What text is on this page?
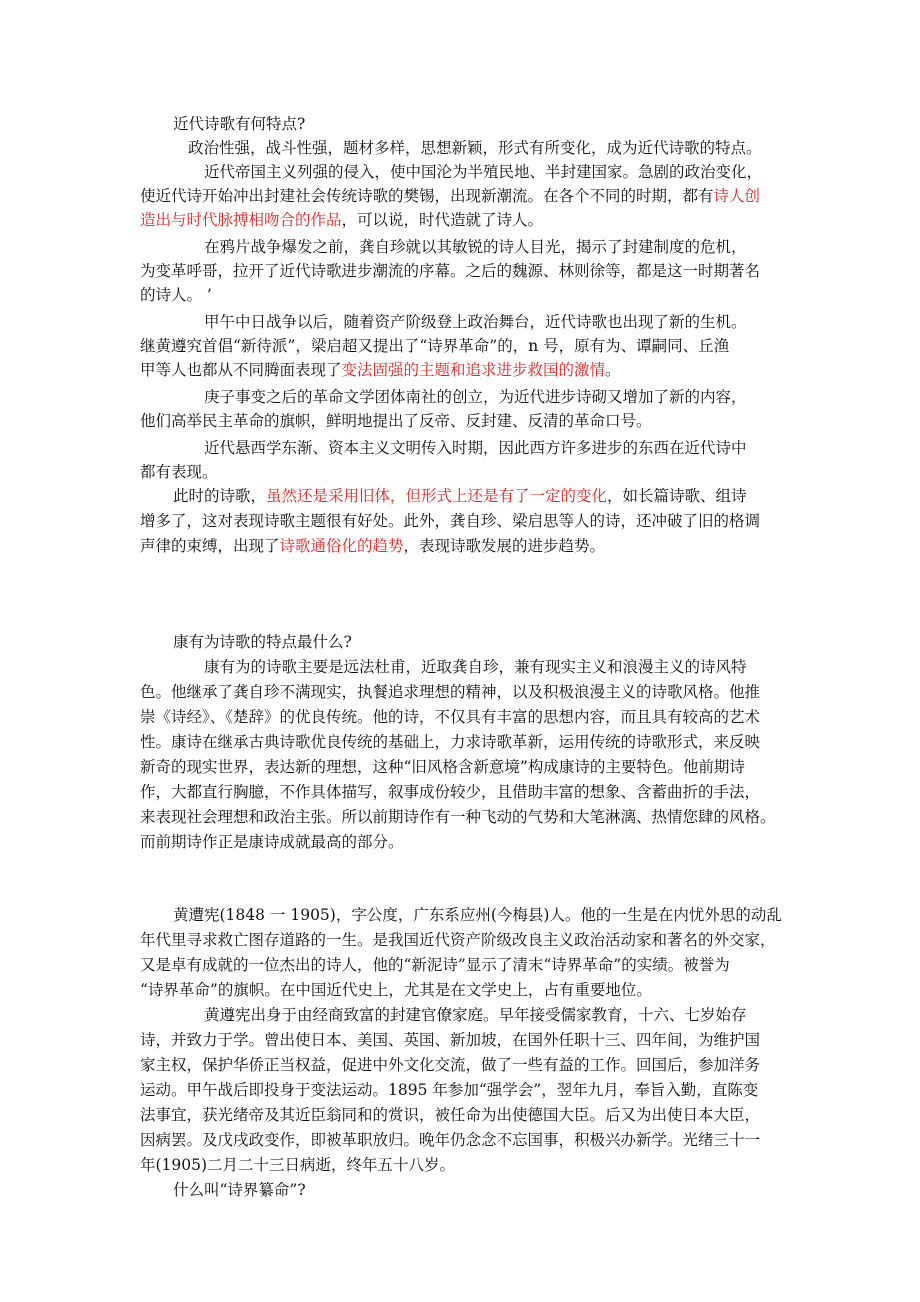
近代诗歌有何特点?
政治性强，战斗性强，题材多样，思想新颖，形式有所变化，成为近代诗歌的特点。
近代帝国主义列强的侵入，使中国沦为半殖民地、半封建国家。急剧的政治变化，
使近代诗开始冲出封建社会传统诗歌的樊锡，出现新潮流。在各个不同的时期，都有诗人创
造出与时代脉搏相吻合的作品，可以说，时代造就了诗人。
在鸦片战争爆发之前，龚自珍就以其敏锐的诗人目光，揭示了封建制度的危机，
为变革呼哥，拉开了近代诗歌进步潮流的序幕。之后的魏源、林则徐等，都是这一时期著名
的诗人。 ’
甲午中日战争以后，随着资产阶级登上政治舞台，近代诗歌也出现了新的生机。
继黄遵究首倡“新待派”，梁启超又提出了“诗界革命”的，n 号，原有为、谭嗣同、丘渔
甲等人也都从不同腾面表现了变法固强的主题和追求进步救国的激情。
庚子事变之后的革命文学团体南社的创立，为近代进步诗砌又增加了新的内容，
他们高举民主革命的旗帜，鲜明地提出了反帝、反封建、反清的革命口号。
近代悬西学东渐、资本主义文明传入时期，因此西方许多进步的东西在近代诗中
都有表现。
此时的诗歌，虽然还是采用旧体，但形式上还是有了一定的变化，如长篇诗歌、组诗
增多了，这对表现诗歌主题很有好处。此外，龚自珍、梁启思等人的诗，还冲破了旧的格调
声律的束缚，出现了诗歌通俗化的趋势，表现诗歌发展的进步趋势。
康有为诗歌的特点最什么?
康有为的诗歌主要是远法杜甫，近取龚自珍，兼有现实主义和浪漫主义的诗风特
色。他继承了龚自珍不满现实，执餐追求理想的精神，以及积极浪漫主义的诗歌风格。他推
崇《诗经》、《楚辞》的优良传统。他的诗，不仅具有丰富的思想内容，而且具有较高的艺术
性。康诗在继承古典诗歌优良传统的基础上，力求诗歌革新，运用传统的诗歌形式，来反映
新奇的现实世界，表达新的理想，这种“旧风格含新意境”构成康诗的主要特色。他前期诗
作，大都直行胸臆，不作具体描写，叙事成份较少，且借助丰富的想象、含蓄曲折的手法，
来表现社会理想和政治主张。所以前期诗作有一种飞动的气势和大笔淋漓、热情您肆的风格。
而前期诗作正是康诗成就最高的部分。
黄遭宪(1848 一 1905)，字公度，广东系应州(今梅县)人。他的一生是在内忧外思的动乱
年代里寻求救亡图存道路的一生。是我国近代资产阶级改良主义政治活动家和著名的外交家，
又是卓有成就的一位杰出的诗人，他的“新泥诗”显示了清末“诗界革命”的实绩。被誉为
“诗界革命”的旗帜。在中国近代史上，尤其是在文学史上，占有重要地位。
黄遵宪出身于由经商致富的封建官僚家庭。早年接受儒家教育，十六、七岁始存
诗，并致力于学。曾出使日本、美国、英国、新加坡，在国外任职十三、四年间，为维护国
家主权，保护华侨正当权益，促进中外文化交流，做了一些有益的工作。回国后，参加洋务
运动。甲午战后即投身于变法运动。1895 年参加“强学会”，翌年九月，奉旨入勤，直陈变
法事宜，获光绪帝及其近臣翁同和的赏识，被任命为出使德国大臣。后又为出使日本大臣，
因病罢。及戊戌政变作，即被革职放归。晚年仍念念不忘国事，积极兴办新学。光绪三十一
年(1905)二月二十三日病逝，终年五十八岁。
什么叫“诗界纂命”?
